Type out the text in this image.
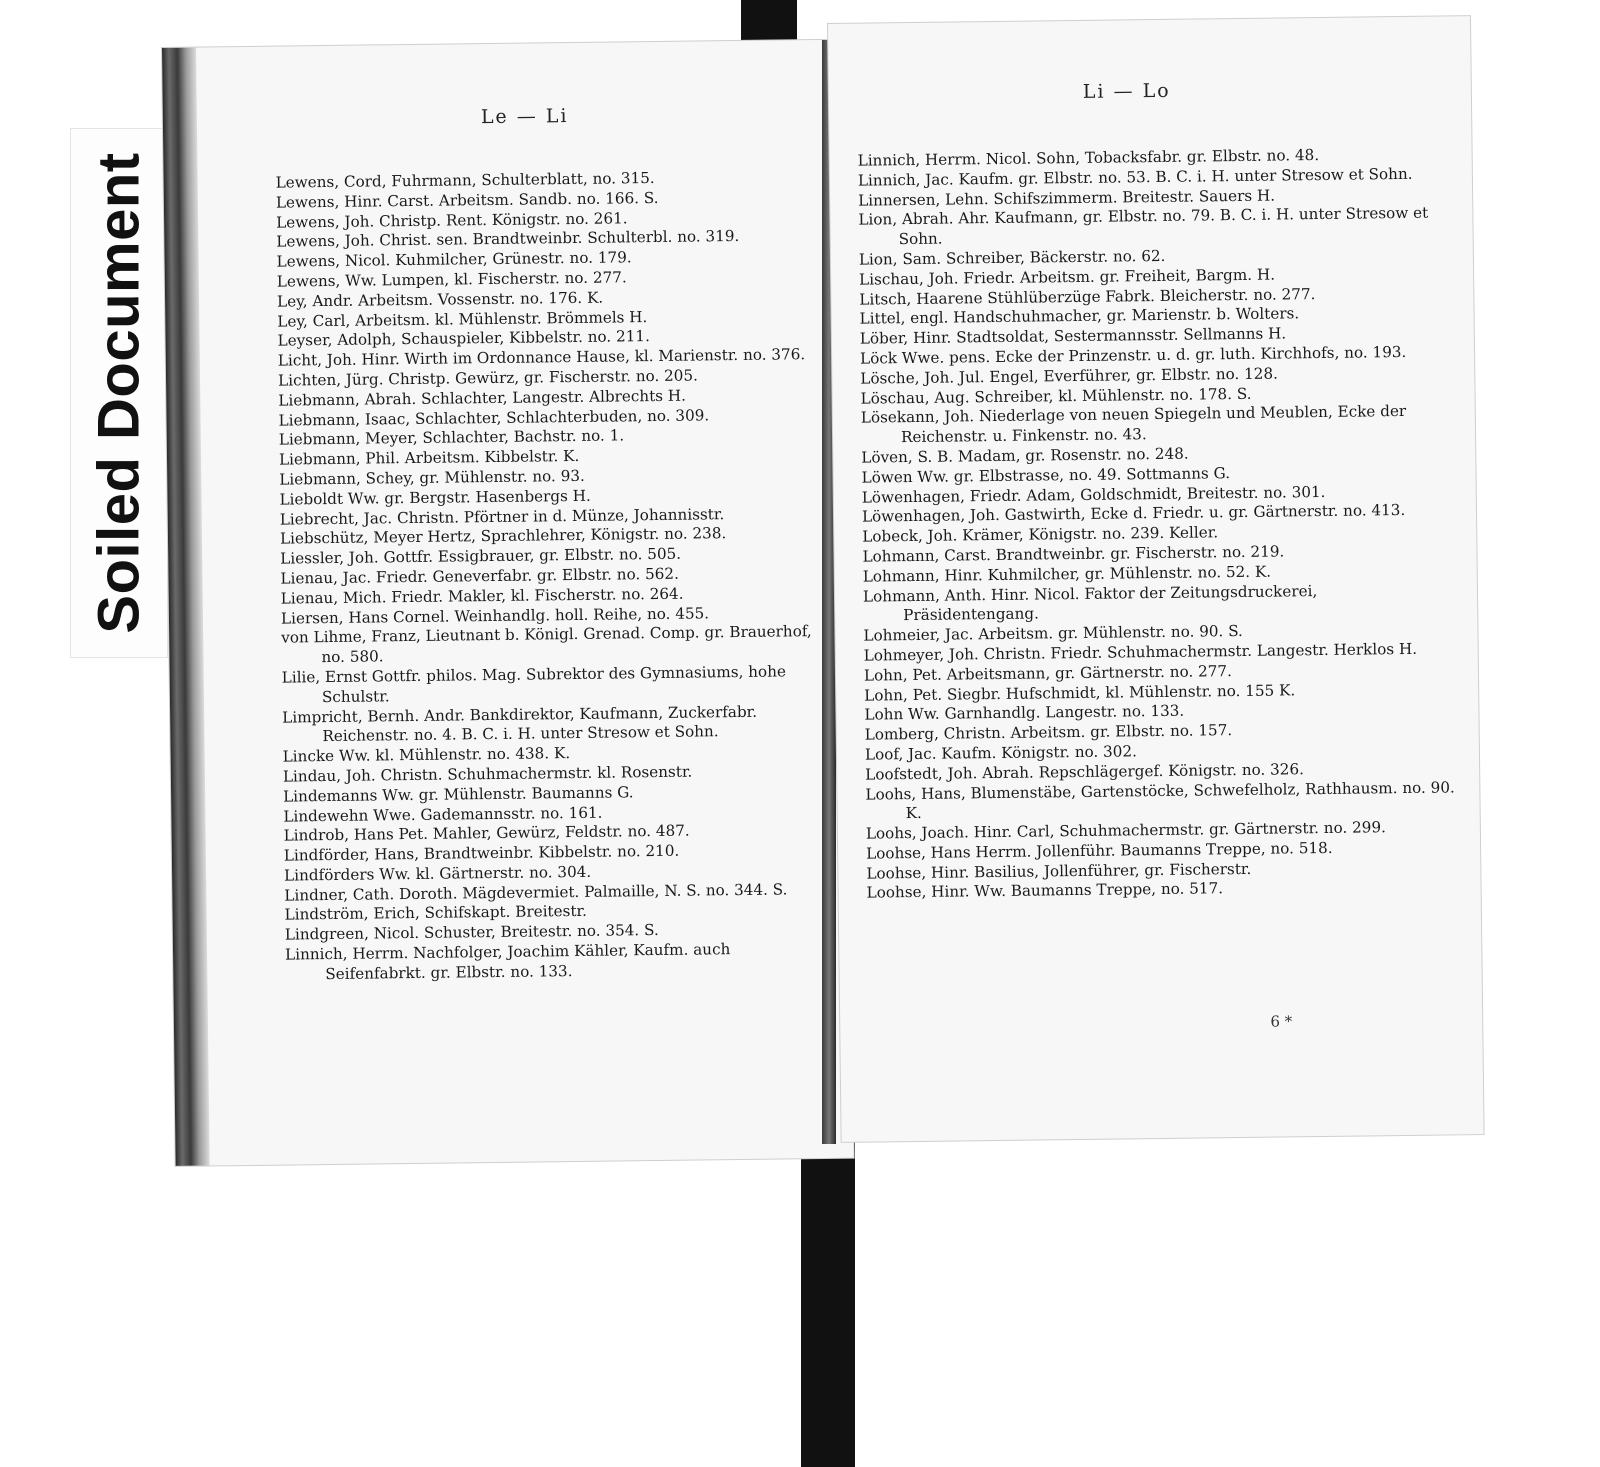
Soiled Document
Le — Li
Lewens, Cord, Fuhrmann, Schulterblatt, no. 315.
Lewens, Hinr. Carst. Arbeitsm. Sandb. no. 166. S.
Lewens, Joh. Christp. Rent. Königstr. no. 261.
Lewens, Joh. Christ. sen. Brandtweinbr. Schulterbl. no. 319.
Lewens, Nicol. Kuhmilcher, Grünestr. no. 179.
Lewens, Ww. Lumpen, kl. Fischerstr. no. 277.
Ley, Andr. Arbeitsm. Vossenstr. no. 176. K.
Ley, Carl, Arbeitsm. kl. Mühlenstr. Brömmels H.
Leyser, Adolph, Schauspieler, Kibbelstr. no. 211.
Licht, Joh. Hinr. Wirth im Ordonnance Hause, kl. Marienstr. no. 376.
Lichten, Jürg. Christp. Gewürz, gr. Fischerstr. no. 205.
Liebmann, Abrah. Schlachter, Langestr. Albrechts H.
Liebmann, Isaac, Schlachter, Schlachterbuden, no. 309.
Liebmann, Meyer, Schlachter, Bachstr. no. 1.
Liebmann, Phil. Arbeitsm. Kibbelstr. K.
Liebmann, Schey, gr. Mühlenstr. no. 93.
Lieboldt Ww. gr. Bergstr. Hasenbergs H.
Liebrecht, Jac. Christn. Pförtner in d. Münze, Johannisstr.
Liebschütz, Meyer Hertz, Sprachlehrer, Königstr. no. 238.
Liessler, Joh. Gottfr. Essigbrauer, gr. Elbstr. no. 505.
Lienau, Jac. Friedr. Geneverfabr. gr. Elbstr. no. 562.
Lienau, Mich. Friedr. Makler, kl. Fischerstr. no. 264.
Liersen, Hans Cornel. Weinhandlg. holl. Reihe, no. 455.
von Lihme, Franz, Lieutnant b. Königl. Grenad. Comp. gr. Brauerhof, no. 580.
Lilie, Ernst Gottfr. philos. Mag. Subrektor des Gymnasiums, hohe Schulstr.
Limpricht, Bernh. Andr. Bankdirektor, Kaufmann, Zuckerfabr. Reichenstr. no. 4. B. C. i. H. unter Stresow et Sohn.
Lincke Ww. kl. Mühlenstr. no. 438. K.
Lindau, Joh. Christn. Schuhmachermstr. kl. Rosenstr.
Lindemanns Ww. gr. Mühlenstr. Baumanns G.
Lindewehn Wwe. Gademannsstr. no. 161.
Lindrob, Hans Pet. Mahler, Gewürz, Feldstr. no. 487.
Lindförder, Hans, Brandtweinbr. Kibbelstr. no. 210.
Lindförders Ww. kl. Gärtnerstr. no. 304.
Lindner, Cath. Doroth. Mägdevermiet. Palmaille, N. S. no. 344. S.
Lindström, Erich, Schifskapt. Breitestr.
Lindgreen, Nicol. Schuster, Breitestr. no. 354. S.
Linnich, Herrm. Nachfolger, Joachim Kähler, Kaufm. auch Seifenfabrkt. gr. Elbstr. no. 133.
Li — Lo
Linnich, Herrm. Nicol. Sohn, Tobacksfabr. gr. Elbstr. no. 48.
Linnich, Jac. Kaufm. gr. Elbstr. no. 53. B. C. i. H. unter Stresow et Sohn.
Linnersen, Lehn. Schifszimmerm. Breitestr. Sauers H.
Lion, Abrah. Ahr. Kaufmann, gr. Elbstr. no. 79. B. C. i. H. unter Stresow et Sohn.
Lion, Sam. Schreiber, Bäckerstr. no. 62.
Lischau, Joh. Friedr. Arbeitsm. gr. Freiheit, Bargm. H.
Litsch, Haarene Stühlüberzüge Fabrk. Bleicherstr. no. 277.
Littel, engl. Handschuhmacher, gr. Marienstr. b. Wolters.
Löber, Hinr. Stadtsoldat, Sestermannsstr. Sellmanns H.
Löck Wwe. pens. Ecke der Prinzenstr. u. d. gr. luth. Kirchhofs, no. 193.
Lösche, Joh. Jul. Engel, Everführer, gr. Elbstr. no. 128.
Löschau, Aug. Schreiber, kl. Mühlenstr. no. 178. S.
Lösekann, Joh. Niederlage von neuen Spiegeln und Meublen, Ecke der Reichenstr. u. Finkenstr. no. 43.
Löven, S. B. Madam, gr. Rosenstr. no. 248.
Löwen Ww. gr. Elbstrasse, no. 49. Sottmanns G.
Löwenhagen, Friedr. Adam, Goldschmidt, Breitestr. no. 301.
Löwenhagen, Joh. Gastwirth, Ecke d. Friedr. u. gr. Gärtnerstr. no. 413.
Lobeck, Joh. Krämer, Königstr. no. 239. Keller.
Lohmann, Carst. Brandtweinbr. gr. Fischerstr. no. 219.
Lohmann, Hinr. Kuhmilcher, gr. Mühlenstr. no. 52. K.
Lohmann, Anth. Hinr. Nicol. Faktor der Zeitungsdruckerei, Präsidentengang.
Lohmeier, Jac. Arbeitsm. gr. Mühlenstr. no. 90. S.
Lohmeyer, Joh. Christn. Friedr. Schuhmachermstr. Langestr. Herklos H.
Lohn, Pet. Arbeitsmann, gr. Gärtnerstr. no. 277.
Lohn, Pet. Siegbr. Hufschmidt, kl. Mühlenstr. no. 155 K.
Lohn Ww. Garnhandlg. Langestr. no. 133.
Lomberg, Christn. Arbeitsm. gr. Elbstr. no. 157.
Loof, Jac. Kaufm. Königstr. no. 302.
Loofstedt, Joh. Abrah. Repschlägergef. Königstr. no. 326.
Loohs, Hans, Blumenstäbe, Gartenstöcke, Schwefelholz, Rathhausm. no. 90. K.
Loohs, Joach. Hinr. Carl, Schuhmachermstr. gr. Gärtnerstr. no. 299.
Loohse, Hans Herrm. Jollenführ. Baumanns Treppe, no. 518.
Loohse, Hinr. Basilius, Jollenführer, gr. Fischerstr.
Loohse, Hinr. Ww. Baumanns Treppe, no. 517.
6 *
